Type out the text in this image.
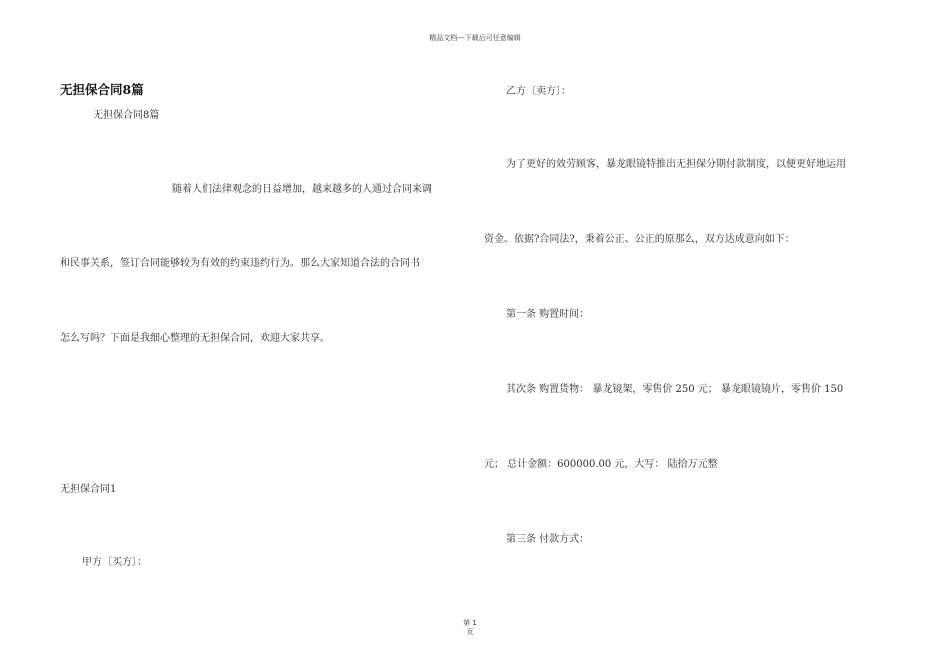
精品文档---下载后可任意编辑
无担保合同8篇
无担保合同8篇
随着人们法律观念的日益增加，越来越多的人通过合同来调
和民事关系，签订合同能够较为有效的约束违约行为。那么大家知道合法的合同书
怎么写吗？下面是我细心整理的无担保合同，欢迎大家共享。
无担保合同1
甲方〔买方〕：
乙方〔卖方〕：
为了更好的效劳顾客，暴龙眼镜特推出无担保分期付款制度，以便更好地运用
资金。依据?合同法?，秉着公正、公正的原那么，双方达成意向如下：
第一条 购置时间：
其次条 购置货物： 暴龙镜架，零售价 250 元； 暴龙眼镜镜片，零售价 150
元； 总计金额：600000.00 元，大写： 陆拾万元整
第三条 付款方式：
第 1
页
